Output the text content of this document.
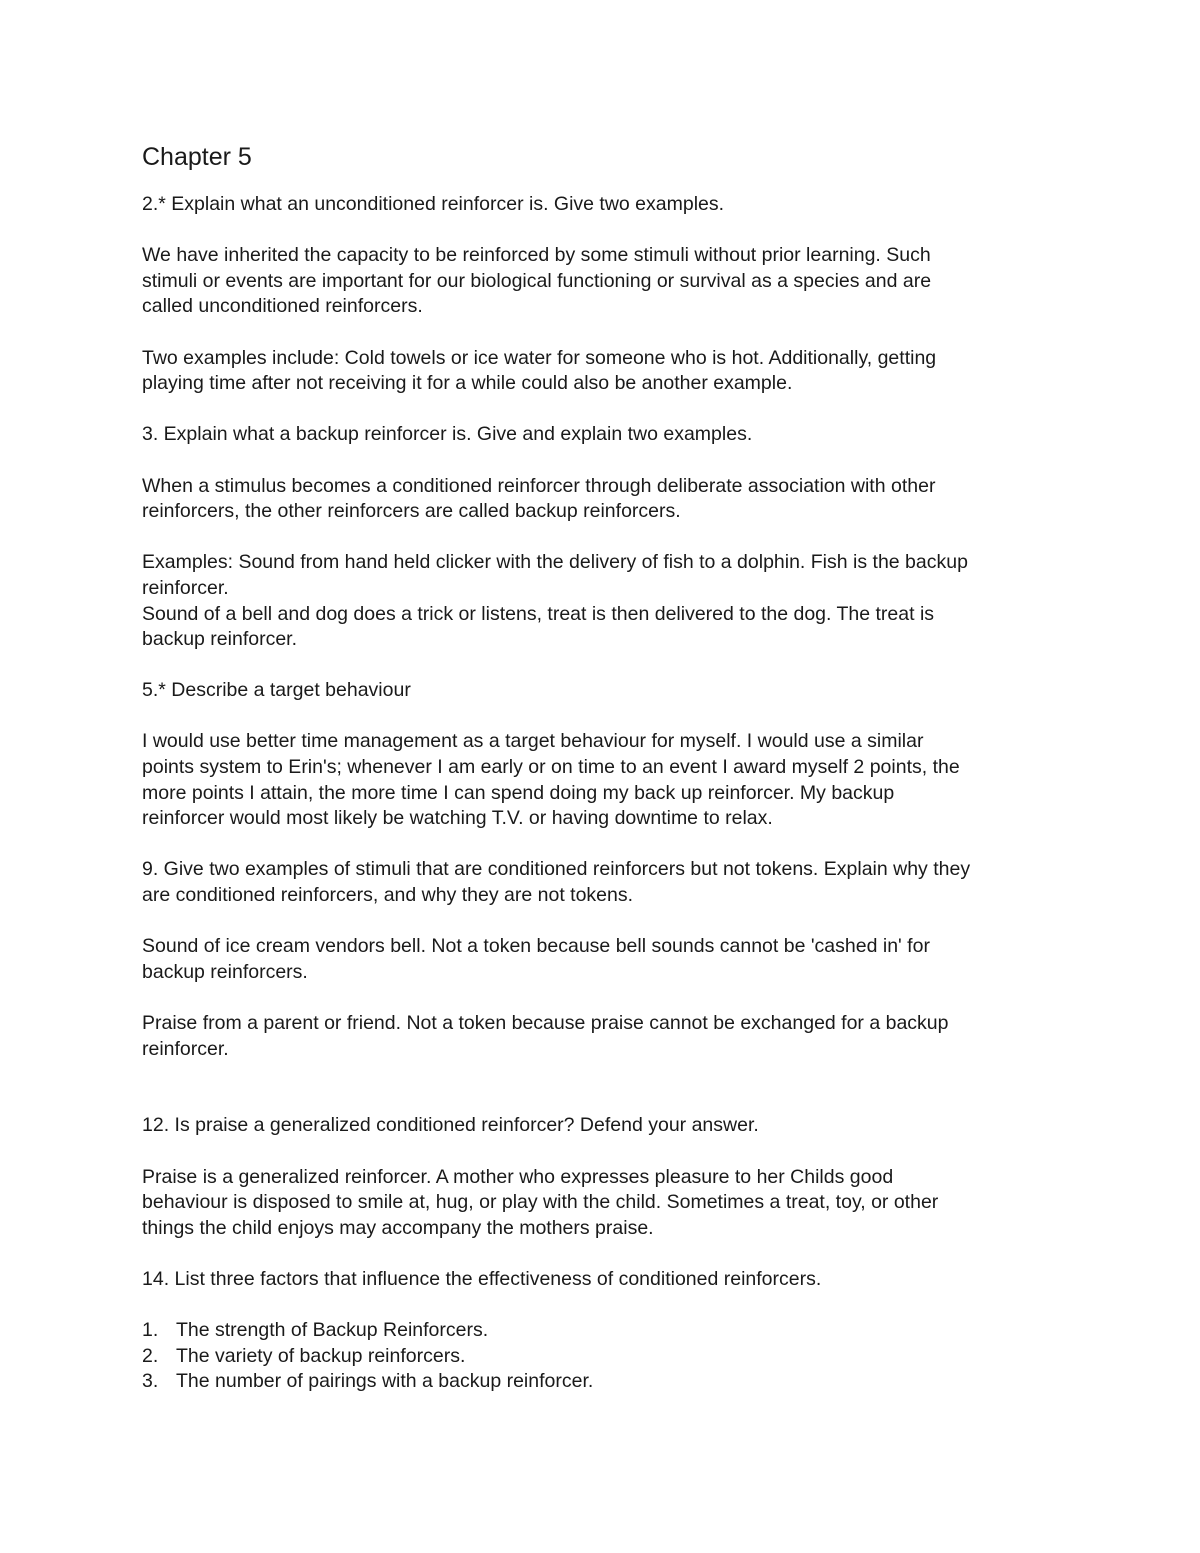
Chapter 5
2.* Explain what an unconditioned reinforcer is. Give two examples.
We have inherited the capacity to be reinforced by some stimuli without prior learning. Such
stimuli or events are important for our biological functioning or survival as a species and are
called unconditioned reinforcers.
Two examples include: Cold towels or ice water for someone who is hot. Additionally, getting
playing time after not receiving it for a while could also be another example.
3. Explain what a backup reinforcer is. Give and explain two examples.
When a stimulus becomes a conditioned reinforcer through deliberate association with other
reinforcers, the other reinforcers are called backup reinforcers.
Examples: Sound from hand held clicker with the delivery of fish to a dolphin. Fish is the backup
reinforcer.
Sound of a bell and dog does a trick or listens, treat is then delivered to the dog. The treat is
backup reinforcer.
5.* Describe a target behaviour
I would use better time management as a target behaviour for myself. I would use a similar
points system to Erin's; whenever I am early or on time to an event I award myself 2 points, the
more points I attain, the more time I can spend doing my back up reinforcer. My backup
reinforcer would most likely be watching T.V. or having downtime to relax.
9. Give two examples of stimuli that are conditioned reinforcers but not tokens. Explain why they
are conditioned reinforcers, and why they are not tokens.
Sound of ice cream vendors bell. Not a token because bell sounds cannot be 'cashed in' for
backup reinforcers.
Praise from a parent or friend. Not a token because praise cannot be exchanged for a backup
reinforcer.
12. Is praise a generalized conditioned reinforcer? Defend your answer.
Praise is a generalized reinforcer. A mother who expresses pleasure to her Childs good
behaviour is disposed to smile at, hug, or play with the child. Sometimes a treat, toy, or other
things the child enjoys may accompany the mothers praise.
14. List three factors that influence the effectiveness of conditioned reinforcers.
1. The strength of Backup Reinforcers.
2. The variety of backup reinforcers.
3. The number of pairings with a backup reinforcer.
